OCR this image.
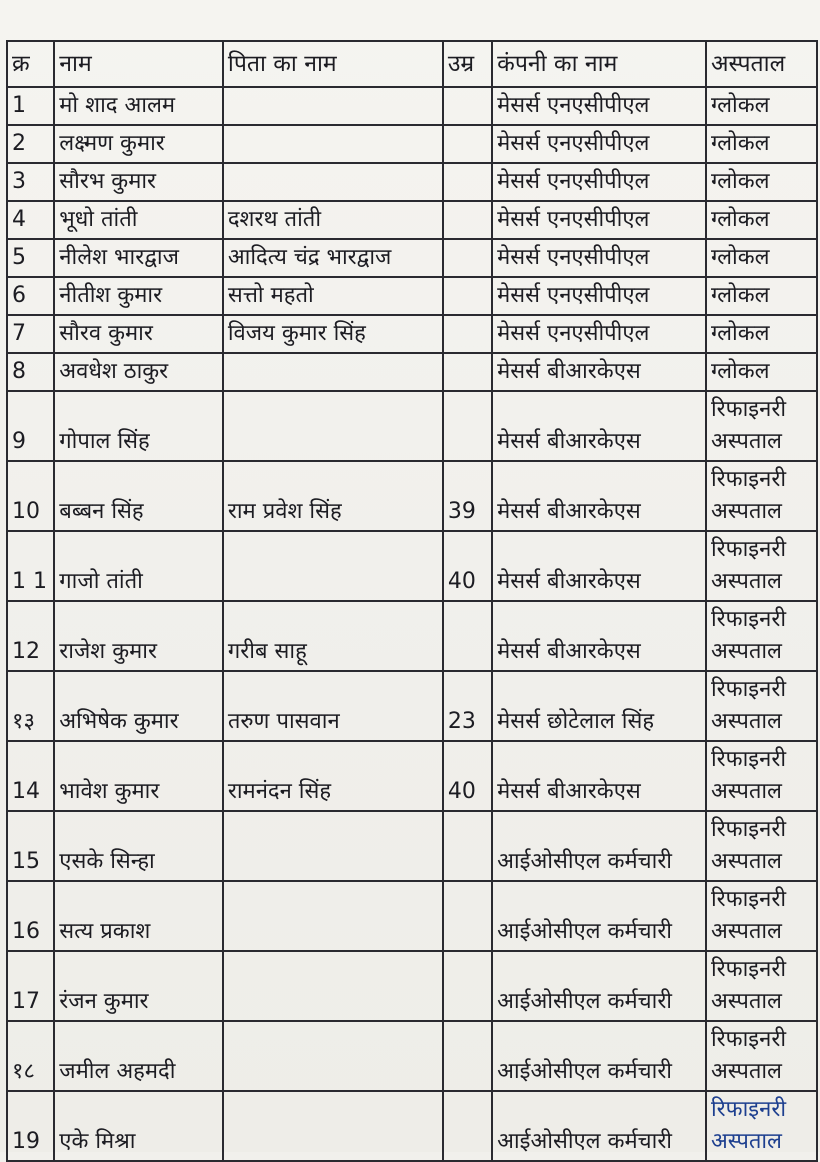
क्र	नाम	पिता का नाम	उम्र	कंपनी का नाम	अस्पताल
1	मो शाद आलम			मेसर्स एनएसीपीएल	ग्लोकल
2	लक्ष्मण कुमार			मेसर्स एनएसीपीएल	ग्लोकल
3	सौरभ कुमार			मेसर्स एनएसीपीएल	ग्लोकल
4	भूधो तांती	दशरथ तांती		मेसर्स एनएसीपीएल	ग्लोकल
5	नीलेश भारद्वाज	आदित्य चंद्र भारद्वाज		मेसर्स एनएसीपीएल	ग्लोकल
6	नीतीश कुमार	सत्तो महतो		मेसर्स एनएसीपीएल	ग्लोकल
7	सौरव कुमार	विजय कुमार सिंह		मेसर्स एनएसीपीएल	ग्लोकल
8	अवधेश ठाकुर			मेसर्स बीआरकेएस	ग्लोकल
9	गोपाल सिंह			मेसर्स बीआरकेएस	रिफाइनरी अस्पताल
10	बब्बन सिंह	राम प्रवेश सिंह	39	मेसर्स बीआरकेएस	रिफाइनरी अस्पताल
1 1	गाजो तांती		40	मेसर्स बीआरकेएस	रिफाइनरी अस्पताल
12	राजेश कुमार	गरीब साहू		मेसर्स बीआरकेएस	रिफाइनरी अस्पताल
१३	अभिषेक कुमार	तरुण पासवान	23	मेसर्स छोटेलाल सिंह	रिफाइनरी अस्पताल
14	भावेश कुमार	रामनंदन सिंह	40	मेसर्स बीआरकेएस	रिफाइनरी अस्पताल
15	एसके सिन्हा			आईओसीएल कर्मचारी	रिफाइनरी अस्पताल
16	सत्य प्रकाश			आईओसीएल कर्मचारी	रिफाइनरी अस्पताल
17	रंजन कुमार			आईओसीएल कर्मचारी	रिफाइनरी अस्पताल
१८	जमील अहमदी			आईओसीएल कर्मचारी	रिफाइनरी अस्पताल
19	एके मिश्रा			आईओसीएल कर्मचारी	रिफाइनरी अस्पताल
